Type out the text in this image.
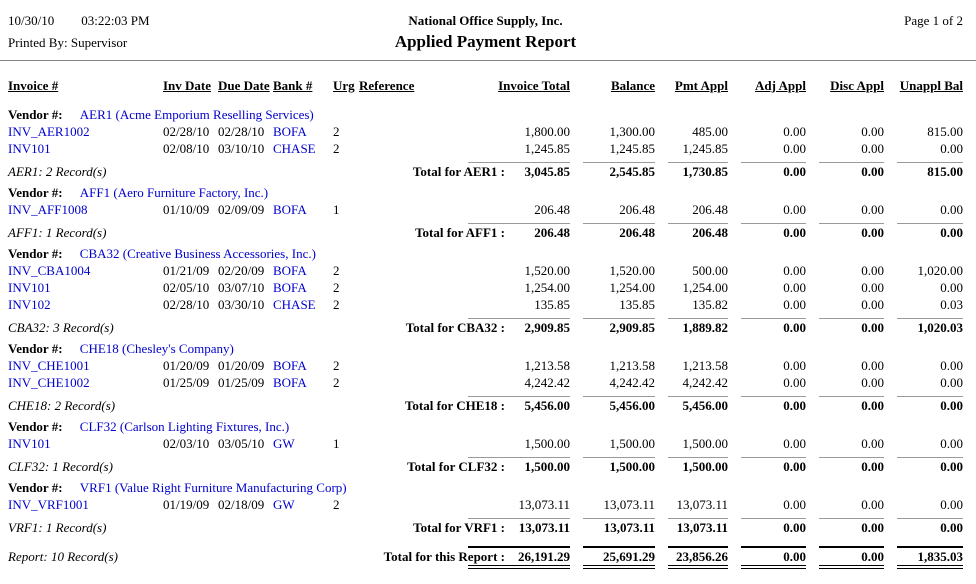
10/30/10 03:22:03 PM	National Office Supply, Inc.	Page 1 of 2
Printed By: Supervisor	Applied Payment Report
Invoice #	Inv Date Due Date Bank #	Urg Reference	Invoice Total	Balance	Pmt Appl	Adj Appl	Disc Appl	Unappl Bal
Vendor #: AER1 (Acme Emporium Reselling Services)
INV_AER1002	02/28/10 02/28/10 BOFA	2	1,800.00	1,300.00	485.00	0.00	0.00	815.00
INV101	02/08/10 03/10/10 CHASE	2	1,245.85	1,245.85	1,245.85	0.00	0.00	0.00
AER1: 2 Record(s)	Total for AER1 :	3,045.85	2,545.85	1,730.85	0.00	0.00	815.00
Vendor #: AFF1 (Aero Furniture Factory, Inc.)
INV_AFF1008	01/10/09 02/09/09 BOFA	1	206.48	206.48	206.48	0.00	0.00	0.00
AFF1: 1 Record(s)	Total for AFF1 :	206.48	206.48	206.48	0.00	0.00	0.00
Vendor #: CBA32 (Creative Business Accessories, Inc.)
INV_CBA1004	01/21/09 02/20/09 BOFA	2	1,520.00	1,520.00	500.00	0.00	0.00	1,020.00
INV101	02/05/10 03/07/10 BOFA	2	1,254.00	1,254.00	1,254.00	0.00	0.00	0.00
INV102	02/28/10 03/30/10 CHASE	2	135.85	135.85	135.82	0.00	0.00	0.03
CBA32: 3 Record(s)	Total for CBA32 :	2,909.85	2,909.85	1,889.82	0.00	0.00	1,020.03
Vendor #: CHE18 (Chesley's Company)
INV_CHE1001	01/20/09 01/20/09 BOFA	2	1,213.58	1,213.58	1,213.58	0.00	0.00	0.00
INV_CHE1002	01/25/09 01/25/09 BOFA	2	4,242.42	4,242.42	4,242.42	0.00	0.00	0.00
CHE18: 2 Record(s)	Total for CHE18 :	5,456.00	5,456.00	5,456.00	0.00	0.00	0.00
Vendor #: CLF32 (Carlson Lighting Fixtures, Inc.)
INV101	02/03/10 03/05/10 GW	1	1,500.00	1,500.00	1,500.00	0.00	0.00	0.00
CLF32: 1 Record(s)	Total for CLF32 :	1,500.00	1,500.00	1,500.00	0.00	0.00	0.00
Vendor #: VRF1 (Value Right Furniture Manufacturing Corp)
INV_VRF1001	01/19/09 02/18/09 GW	2	13,073.11	13,073.11	13,073.11	0.00	0.00	0.00
VRF1: 1 Record(s)	Total for VRF1 :	13,073.11	13,073.11	13,073.11	0.00	0.00	0.00
Report: 10 Record(s)	Total for this Report :	26,191.29	25,691.29	23,856.26	0.00	0.00	1,835.03
